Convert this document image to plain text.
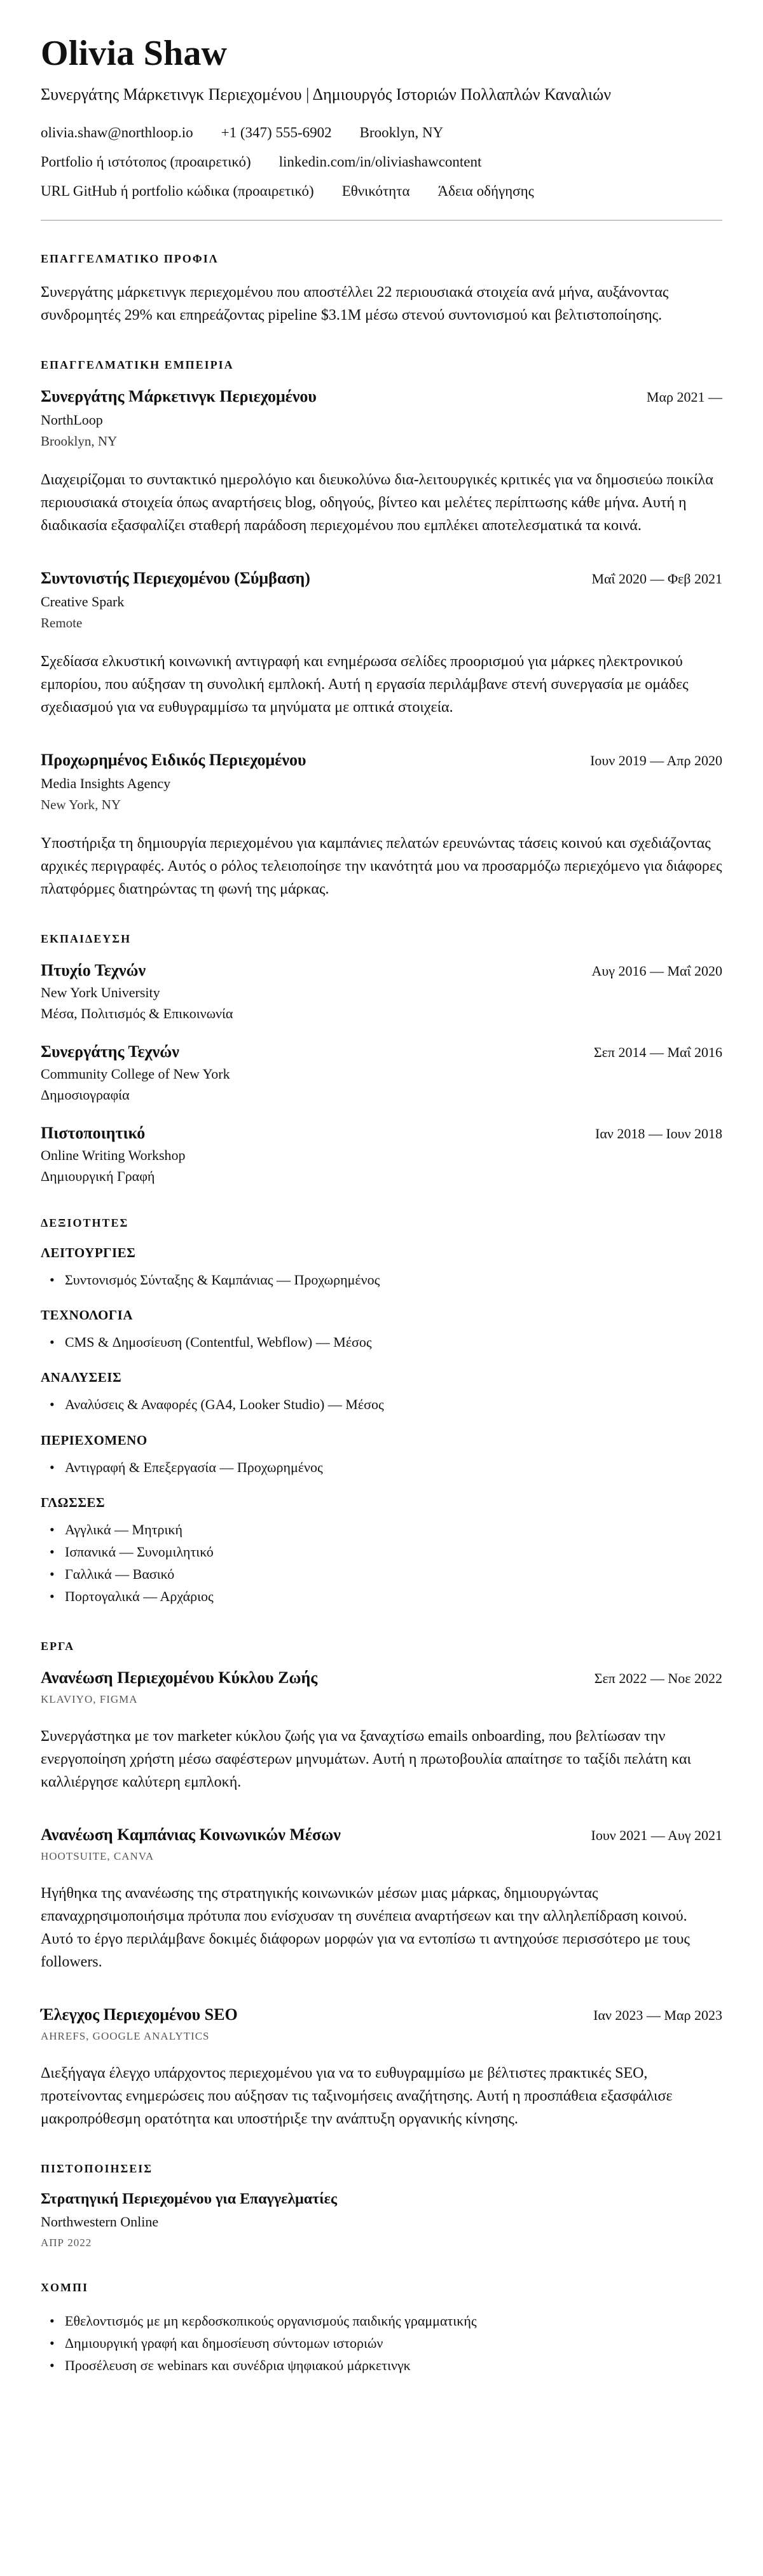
Olivia Shaw
Συνεργάτης Μάρκετινγκ Περιεχομένου | Δημιουργός Ιστοριών Πολλαπλών Καναλιών
olivia.shaw@northloop.io +1 (347) 555-6902 Brooklyn, NY
Portfolio ή ιστότοπος (προαιρετικό) linkedin.com/in/oliviashawcontent
URL GitHub ή portfolio κώδικα (προαιρετικό) Εθνικότητα Άδεια οδήγησης
ΕΠΑΓΓΕΛΜΑΤΙΚΟ ΠΡΟΦΙΛ

Συνεργάτης μάρκετινγκ περιεχομένου που αποστέλλει 22 περιουσιακά στοιχεία ανά μήνα, αυξάνοντας συνδρομητές 29% και επηρεάζοντας pipeline $3.1M μέσω στενού συντονισμού και βελτιστοποίησης.

ΕΠΑΓΓΕΛΜΑΤΙΚΗ ΕΜΠΕΙΡΙΑ
Συνεργάτης Μάρκετινγκ Περιεχομένου	Μαρ 2021 —
NorthLoop
Brooklyn, NY

Διαχειρίζομαι το συντακτικό ημερολόγιο και διευκολύνω δια-λειτουργικές κριτικές για να δημοσιεύω ποικίλα περιουσιακά στοιχεία όπως αναρτήσεις blog, οδηγούς, βίντεο και μελέτες περίπτωσης κάθε μήνα. Αυτή η διαδικασία εξασφαλίζει σταθερή παράδοση περιεχομένου που εμπλέκει αποτελεσματικά τα κοινά.

Συντονιστής Περιεχομένου (Σύμβαση)	Μαΐ 2020 — Φεβ 2021
Creative Spark
Remote

Σχεδίασα ελκυστική κοινωνική αντιγραφή και ενημέρωσα σελίδες προορισμού για μάρκες ηλεκτρονικού εμπορίου, που αύξησαν τη συνολική εμπλοκή. Αυτή η εργασία περιλάμβανε στενή συνεργασία με ομάδες σχεδιασμού για να ευθυγραμμίσω τα μηνύματα με οπτικά στοιχεία.

Προχωρημένος Ειδικός Περιεχομένου	Ιουν 2019 — Απρ 2020
Media Insights Agency
New York, NY

Υποστήριξα τη δημιουργία περιεχομένου για καμπάνιες πελατών ερευνώντας τάσεις κοινού και σχεδιάζοντας αρχικές περιγραφές. Αυτός ο ρόλος τελειοποίησε την ικανότητά μου να προσαρμόζω περιεχόμενο για διάφορες πλατφόρμες διατηρώντας τη φωνή της μάρκας.

ΕΚΠΑΙΔΕΥΣΗ
Πτυχίο Τεχνών	Αυγ 2016 — Μαΐ 2020
New York University
Μέσα, Πολιτισμός & Επικοινωνία
Συνεργάτης Τεχνών	Σεπ 2014 — Μαΐ 2016
Community College of New York
Δημοσιογραφία
Πιστοποιητικό	Ιαν 2018 — Ιουν 2018
Online Writing Workshop
Δημιουργική Γραφή
ΔΕΞΙΟΤΗΤΕΣ
ΛΕΙΤΟΥΡΓΙΕΣ
• Συντονισμός Σύνταξης & Καμπάνιας — Προχωρημένος
ΤΕΧΝΟΛΟΓΙΑ
• CMS & Δημοσίευση (Contentful, Webflow) — Μέσος
ΑΝΑΛΥΣΕΙΣ
• Αναλύσεις & Αναφορές (GA4, Looker Studio) — Μέσος
ΠΕΡΙΕΧΟΜΕΝΟ
• Αντιγραφή & Επεξεργασία — Προχωρημένος
ΓΛΩΣΣΕΣ
• Αγγλικά — Μητρική
• Ισπανικά — Συνομιλητικό
• Γαλλικά — Βασικό
• Πορτογαλικά — Αρχάριος
ΕΡΓΑ
Ανανέωση Περιεχομένου Κύκλου Ζωής	Σεπ 2022 — Νοε 2022
KLAVIYO, FIGMA

Συνεργάστηκα με τον marketer κύκλου ζωής για να ξαναχτίσω emails onboarding, που βελτίωσαν την ενεργοποίηση χρήστη μέσω σαφέστερων μηνυμάτων. Αυτή η πρωτοβουλία απαίτησε το ταξίδι πελάτη και καλλιέργησε καλύτερη εμπλοκή.

Ανανέωση Καμπάνιας Κοινωνικών Μέσων	Ιουν 2021 — Αυγ 2021
HOOTSUITE, CANVA

Ηγήθηκα της ανανέωσης της στρατηγικής κοινωνικών μέσων μιας μάρκας, δημιουργώντας επαναχρησιμοποιήσιμα πρότυπα που ενίσχυσαν τη συνέπεια αναρτήσεων και την αλληλεπίδραση κοινού. Αυτό το έργο περιλάμβανε δοκιμές διάφορων μορφών για να εντοπίσω τι αντηχούσε περισσότερο με τους followers.

Έλεγχος Περιεχομένου SEO	Ιαν 2023 — Μαρ 2023
AHREFS, GOOGLE ANALYTICS

Διεξήγαγα έλεγχο υπάρχοντος περιεχομένου για να το ευθυγραμμίσω με βέλτιστες πρακτικές SEO, προτείνοντας ενημερώσεις που αύξησαν τις ταξινομήσεις αναζήτησης. Αυτή η προσπάθεια εξασφάλισε μακροπρόθεσμη ορατότητα και υποστήριξε την ανάπτυξη οργανικής κίνησης.

ΠΙΣΤΟΠΟΙΗΣΕΙΣ
Στρατηγική Περιεχομένου για Επαγγελματίες
Northwestern Online
ΑΠΡ 2022
ΧΟΜΠΙ
• Εθελοντισμός με μη κερδοσκοπικούς οργανισμούς παιδικής γραμματικής
• Δημιουργική γραφή και δημοσίευση σύντομων ιστοριών
• Προσέλευση σε webinars και συνέδρια ψηφιακού μάρκετινγκ
